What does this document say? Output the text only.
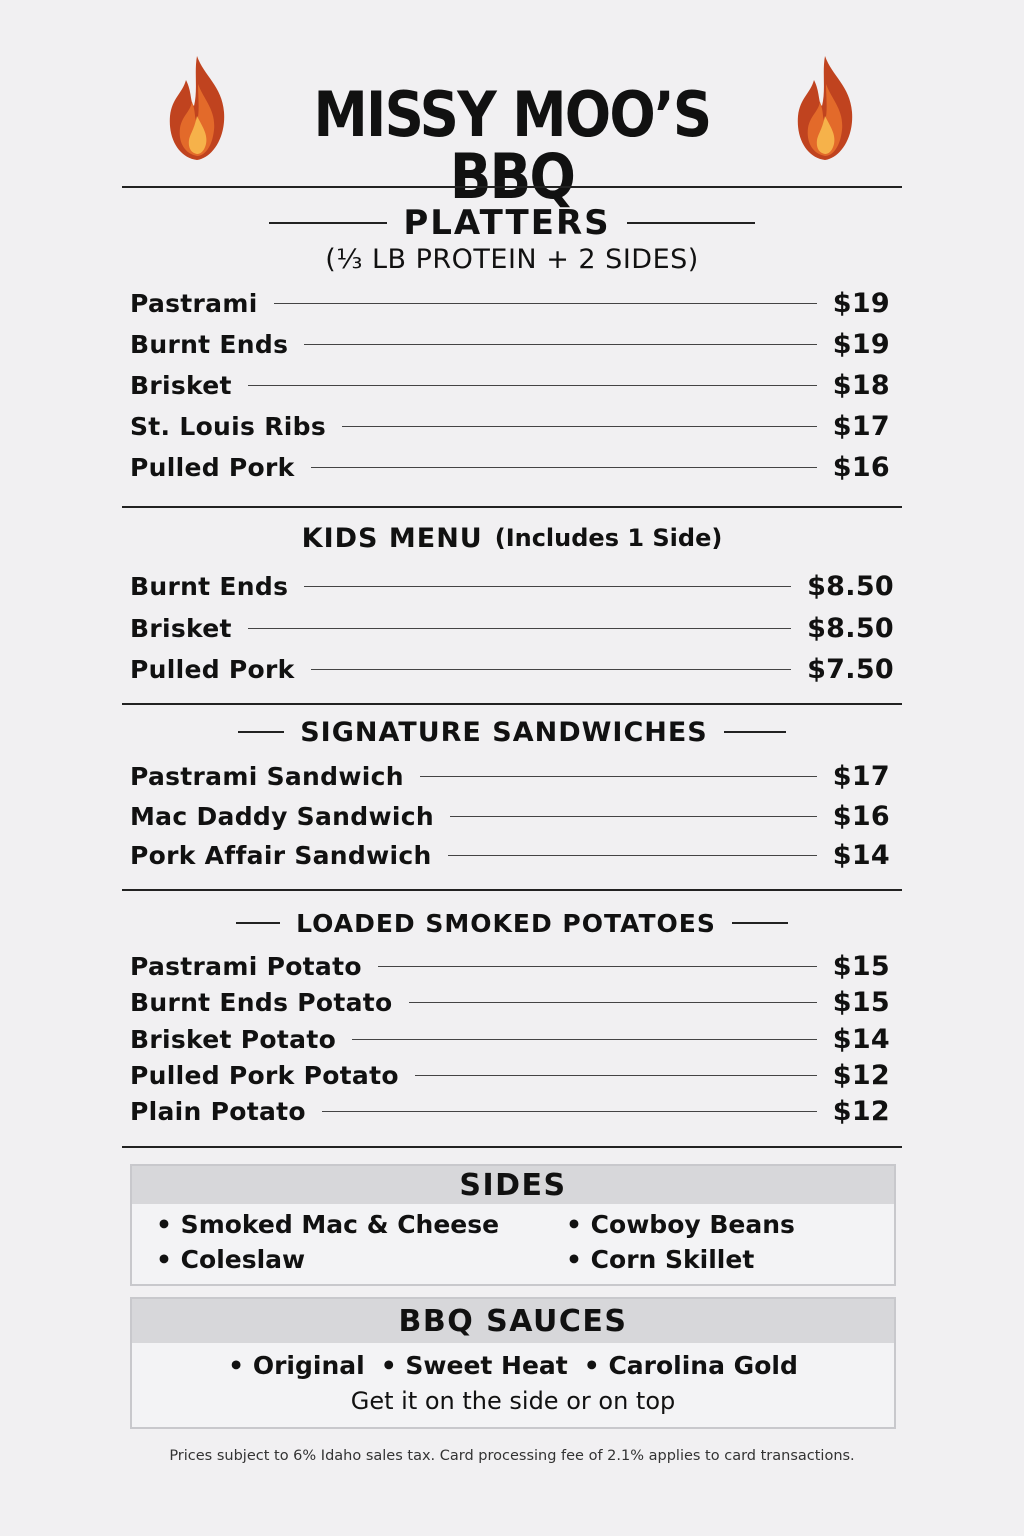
MISSY MOO’S BBQ
PLATTERS
(⅓ LB PROTEIN + 2 SIDES)
Pastrami	$19
Burnt Ends	$19
Brisket	$18
St. Louis Ribs	$17
Pulled Pork	$16
KIDS MENU (Includes 1 Side)
Burnt Ends	$8.50
Brisket	$8.50
Pulled Pork	$7.50
SIGNATURE SANDWICHES
Pastrami Sandwich	$17
Mac Daddy Sandwich	$16
Pork Affair Sandwich	$14
LOADED SMOKED POTATOES
Pastrami Potato	$15
Burnt Ends Potato	$15
Brisket Potato	$14
Pulled Pork Potato	$12
Plain Potato	$12
SIDES
• Smoked Mac & Cheese	• Cowboy Beans
• Coleslaw	• Corn Skillet
BBQ SAUCES
• Original • Sweet Heat • Carolina Gold
Get it on the side or on top
Prices subject to 6% Idaho sales tax. Card processing fee of 2.1% applies to card transactions.
